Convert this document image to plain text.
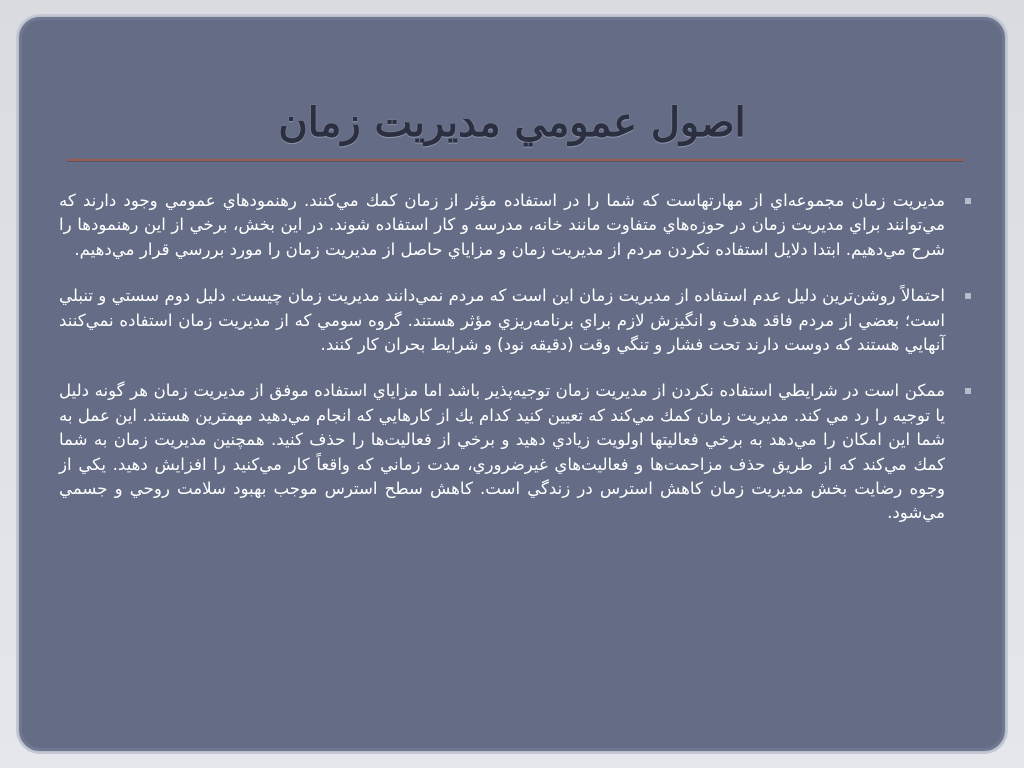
اصول عمومي مديريت زمان
مديريت زمان مجموعه‌اي از مهارتهاست كه شما را در استفاده مؤثر از زمان كمك مي‌كنند. رهنمودهاي عمومي وجود دارند كه مي‌توانند براي مديريت زمان در حوزه‌هاي متفاوت مانند خانه، مدرسه و كار استفاده شوند. در اين بخش، برخي از اين رهنمودها را شرح مي‌دهيم. ابتدا دلايل استفاده نكردن مردم از مديريت زمان و مزاياي حاصل از مديريت زمان را مورد بررسي قرار مي‌دهيم.
احتمالاً روشن‌ترين دليل عدم استفاده از مديريت زمان اين است كه مردم نمي‌دانند مديريت زمان چيست. دليل دوم سستي و تنبلي است؛ بعضي از مردم فاقد هدف و انگيزش لازم براي برنامه‌ريزي مؤثر هستند. گروه سومي كه از مديريت زمان استفاده نمي‌كنند آنهايي هستند كه دوست دارند تحت فشار و تنگي وقت (دقيقه نود) و شرايط بحران كار كنند.
ممكن است در شرايطي استفاده نكردن از مديريت زمان توجيه‌پذير باشد اما مزاياي استفاده موفق از مديريت زمان هر گونه دليل يا توجيه را رد مي كند. مديريت زمان كمك مي‌كند كه تعيين كنيد كدام يك از كارهايي كه انجام مي‌دهيد مهمترين هستند. اين عمل به شما اين امكان را مي‌دهد به برخي فعاليتها اولويت زيادي دهيد و برخي از فعاليت‌ها را حذف كنيد. همچنين مديريت زمان به شما كمك مي‌كند كه از طريق حذف مزاحمت‌ها و فعاليت‌هاي غيرضروري، مدت زماني كه واقعاً كار مي‌كنيد را افزايش دهيد. يكي از وجوه رضايت بخش مديريت زمان كاهش استرس در زندگي است. كاهش سطح استرس موجب بهبود سلامت روحي و جسمي مي‌شود.
